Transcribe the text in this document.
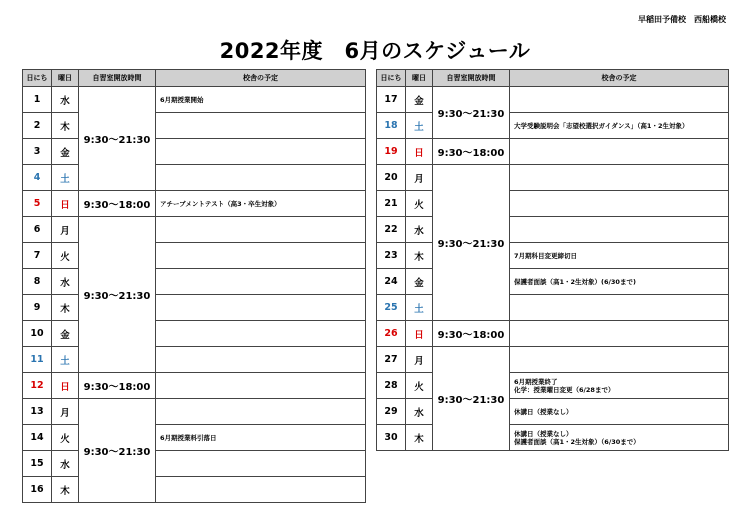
早稲田予備校　西船橋校
2022年度　6月のスケジュール
日にち	曜日	自習室開放時間	校舎の予定
1	水	9:30～21:30	6月期授業開始
2	木		
3	金		
4	土		
5	日	9:30～18:00	アチーブメントテスト（高3・卒生対象）
6	月	9:30～21:30	
7	火		
8	水		
9	木		
10	金		
11	土		
12	日	9:30～18:00	
13	月	9:30～21:30	
14	火		6月期授業料引落日
15	水		
16	木		
日にち	曜日	自習室開放時間	校舎の予定
17	金	9:30～21:30	
18	土		大学受験説明会「志望校選択ガイダンス」（高1・2生対象）
19	日	9:30～18:00	
20	月	9:30～21:30	
21	火		
22	水		
23	木		7月期科目変更締切日
24	金		保護者面談（高1・2生対象）(6/30まで)
25	土		
26	日	9:30～18:00	
27	月	9:30～21:30	
28	火		6月期授業終了
化学：授業曜日変更（6/28まで）
29	水		休講日（授業なし）
30	木		休講日（授業なし）
保護者面談（高1・2生対象）（6/30まで）
